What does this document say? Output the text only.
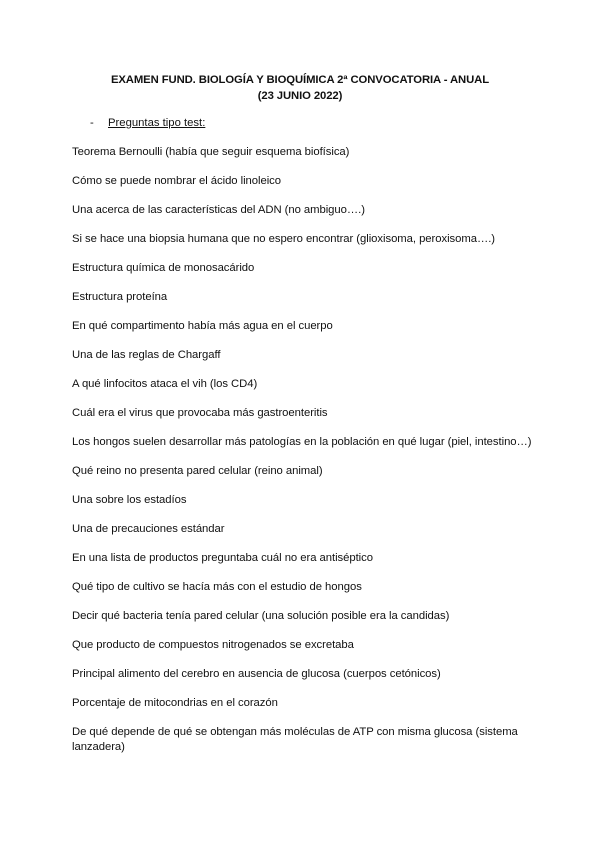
EXAMEN FUND. BIOLOGÍA Y BIOQUÍMICA 2ª CONVOCATORIA - ANUAL
(23 JUNIO 2022)
- Preguntas tipo test:
Teorema Bernoulli (había que seguir esquema biofísica)
Cómo se puede nombrar el ácido linoleico
Una acerca de las características del ADN (no ambiguo….)
Si se hace una biopsia humana que no espero encontrar (glioxisoma, peroxisoma….)
Estructura química de monosacárido
Estructura proteína
En qué compartimento había más agua en el cuerpo
Una de las reglas de Chargaff
A qué linfocitos ataca el vih (los CD4)
Cuál era el virus que provocaba más gastroenteritis
Los hongos suelen desarrollar más patologías en la población en qué lugar (piel, intestino…)
Qué reino no presenta pared celular (reino animal)
Una sobre los estadíos
Una de precauciones estándar
En una lista de productos preguntaba cuál no era antiséptico
Qué tipo de cultivo se hacía más con el estudio de hongos
Decir qué bacteria tenía pared celular (una solución posible era la candidas)
Que producto de compuestos nitrogenados se excretaba
Principal alimento del cerebro en ausencia de glucosa (cuerpos cetónicos)
Porcentaje de mitocondrias en el corazón
De qué depende de qué se obtengan más moléculas de ATP con misma glucosa (sistema lanzadera)
